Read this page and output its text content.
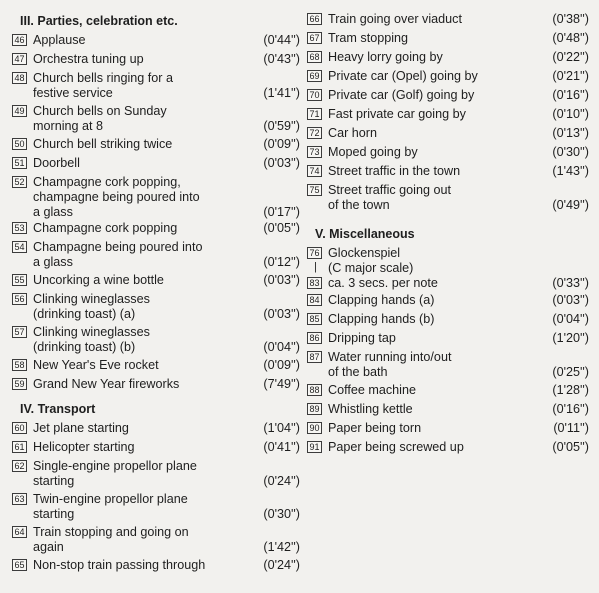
III. Parties, celebration etc.
46 Applause	(0'44'')
47 Orchestra tuning up	(0'43'')
48 Church bells ringing for a
festive service	(1'41'')
49 Church bells on Sunday
morning at 8	(0'59'')
50 Church bell striking twice	(0'09'')
51 Doorbell	(0'03'')
52 Champagne cork popping,
champagne being poured into
a glass	(0'17'')
53 Champagne cork popping	(0'05'')
54 Champagne being poured into
a glass	(0'12'')
55 Uncorking a wine bottle	(0'03'')
56 Clinking wineglasses
(drinking toast) (a)	(0'03'')
57 Clinking wineglasses
(drinking toast) (b)	(0'04'')
58 New Year's Eve rocket	(0'09'')
59 Grand New Year fireworks	(7'49'')
IV. Transport
60 Jet plane starting	(1'04'')
61 Helicopter starting	(0'41'')
62 Single-engine propellor plane
starting	(0'24'')
63 Twin-engine propellor plane
starting	(0'30'')
64 Train stopping and going on
again	(1'42'')
65 Non-stop train passing through	(0'24'')
66 Train going over viaduct	(0'38'')
67 Tram stopping	(0'48'')
68 Heavy lorry going by	(0'22'')
69 Private car (Opel) going by	(0'21'')
70 Private car (Golf) going by	(0'16'')
71 Fast private car going by	(0'10'')
72 Car horn	(0'13'')
73 Moped going by	(0'30'')
74 Street traffic in the town	(1'43'')
75 Street traffic going out
of the town	(0'49'')
V. Miscellaneous
76 Glockenspiel
(C major scale)
|
83 ca. 3 secs. per note	(0'33'')
84 Clapping hands (a)	(0'03'')
85 Clapping hands (b)	(0'04'')
86 Dripping tap	(1'20'')
87 Water running into/out
of the bath	(0'25'')
88 Coffee machine	(1'28'')
89 Whistling kettle	(0'16'')
90 Paper being torn	(0'11'')
91 Paper being screwed up	(0'05'')
